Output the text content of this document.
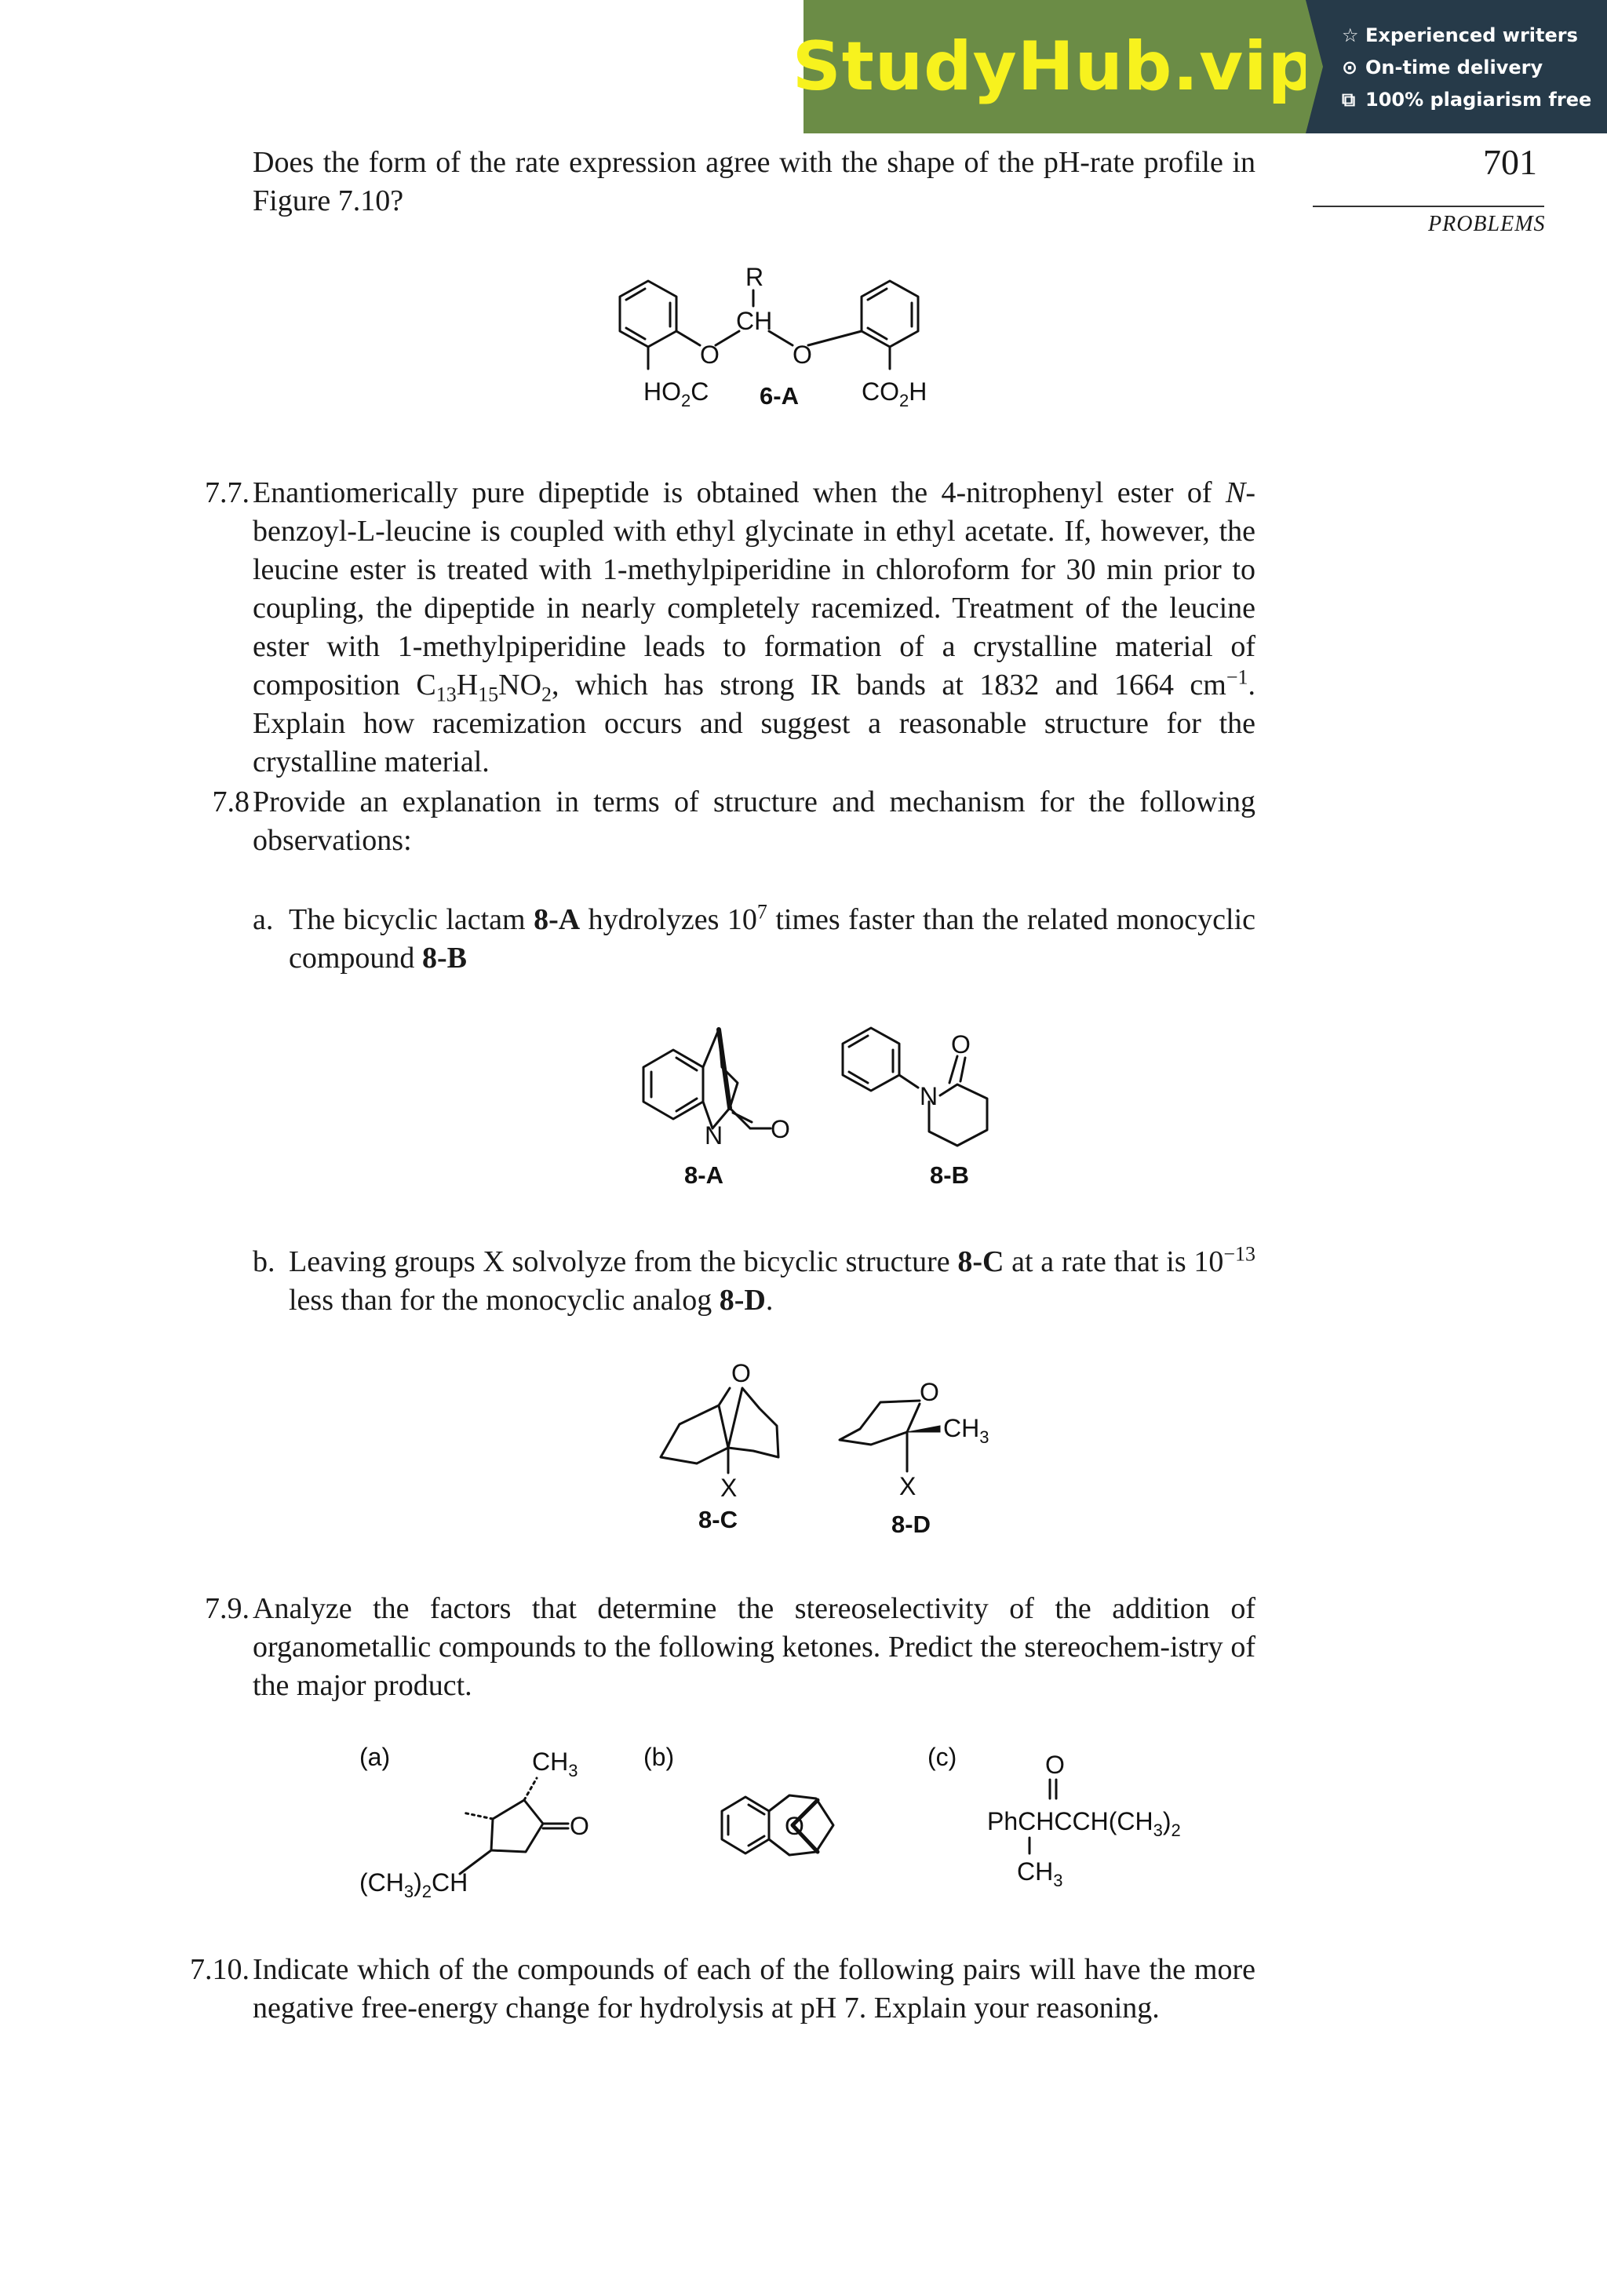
StudyHub.vip ☆ Experienced writers
⊙ On-time delivery
⧉ 100% plagiarism free
701
PROBLEMS
Does the form of the rate expression agree with the shape of the pH-rate profile in Figure 7.10?
R
CH
O	O
$HO_2C$	$CO_2H$
6-A
7.7. Enantiomerically pure dipeptide is obtained when the 4-nitrophenyl ester of N-benzoyl-L-leucine is coupled with ethyl glycinate in ethyl acetate. If, however, the leucine ester is treated with 1-methylpiperidine in chloroform for 30 min prior to coupling, the dipeptide in nearly completely racemized. Treatment of the leucine ester with 1-methylpiperidine leads to formation of a crystalline material of composition $C_{13}H_{15}NO_2$, which has strong IR bands at 1832 and 1664 $cm^{-1}$. Explain how racemization occurs and suggest a reasonable structure for the crystalline material.
7.8 Provide an explanation in terms of structure and mechanism for the following observations:
a. The bicyclic lactam 8-A hydrolyzes $10^7$ times faster than the related monocyclic compound 8-B
N O
8-A
N
O
8-B
b. Leaving groups X solvolyze from the bicyclic structure 8-C at a rate that is $10^{-13}$ less than for the monocyclic analog 8-D.
O
X
8-C
O
$CH_3$
X
8-D
7.9. Analyze the factors that determine the stereoselectivity of the addition of organometallic compounds to the following ketones. Predict the stereochem-istry of the major product.
(a)	(b)	(c)
$CH_3$
O
$(CH_3)_2CH$
O
O
$PhCHCCH(CH_3)_2$
$CH_3$
7.10. Indicate which of the compounds of each of the following pairs will have the more negative free-energy change for hydrolysis at pH 7. Explain your reasoning.
